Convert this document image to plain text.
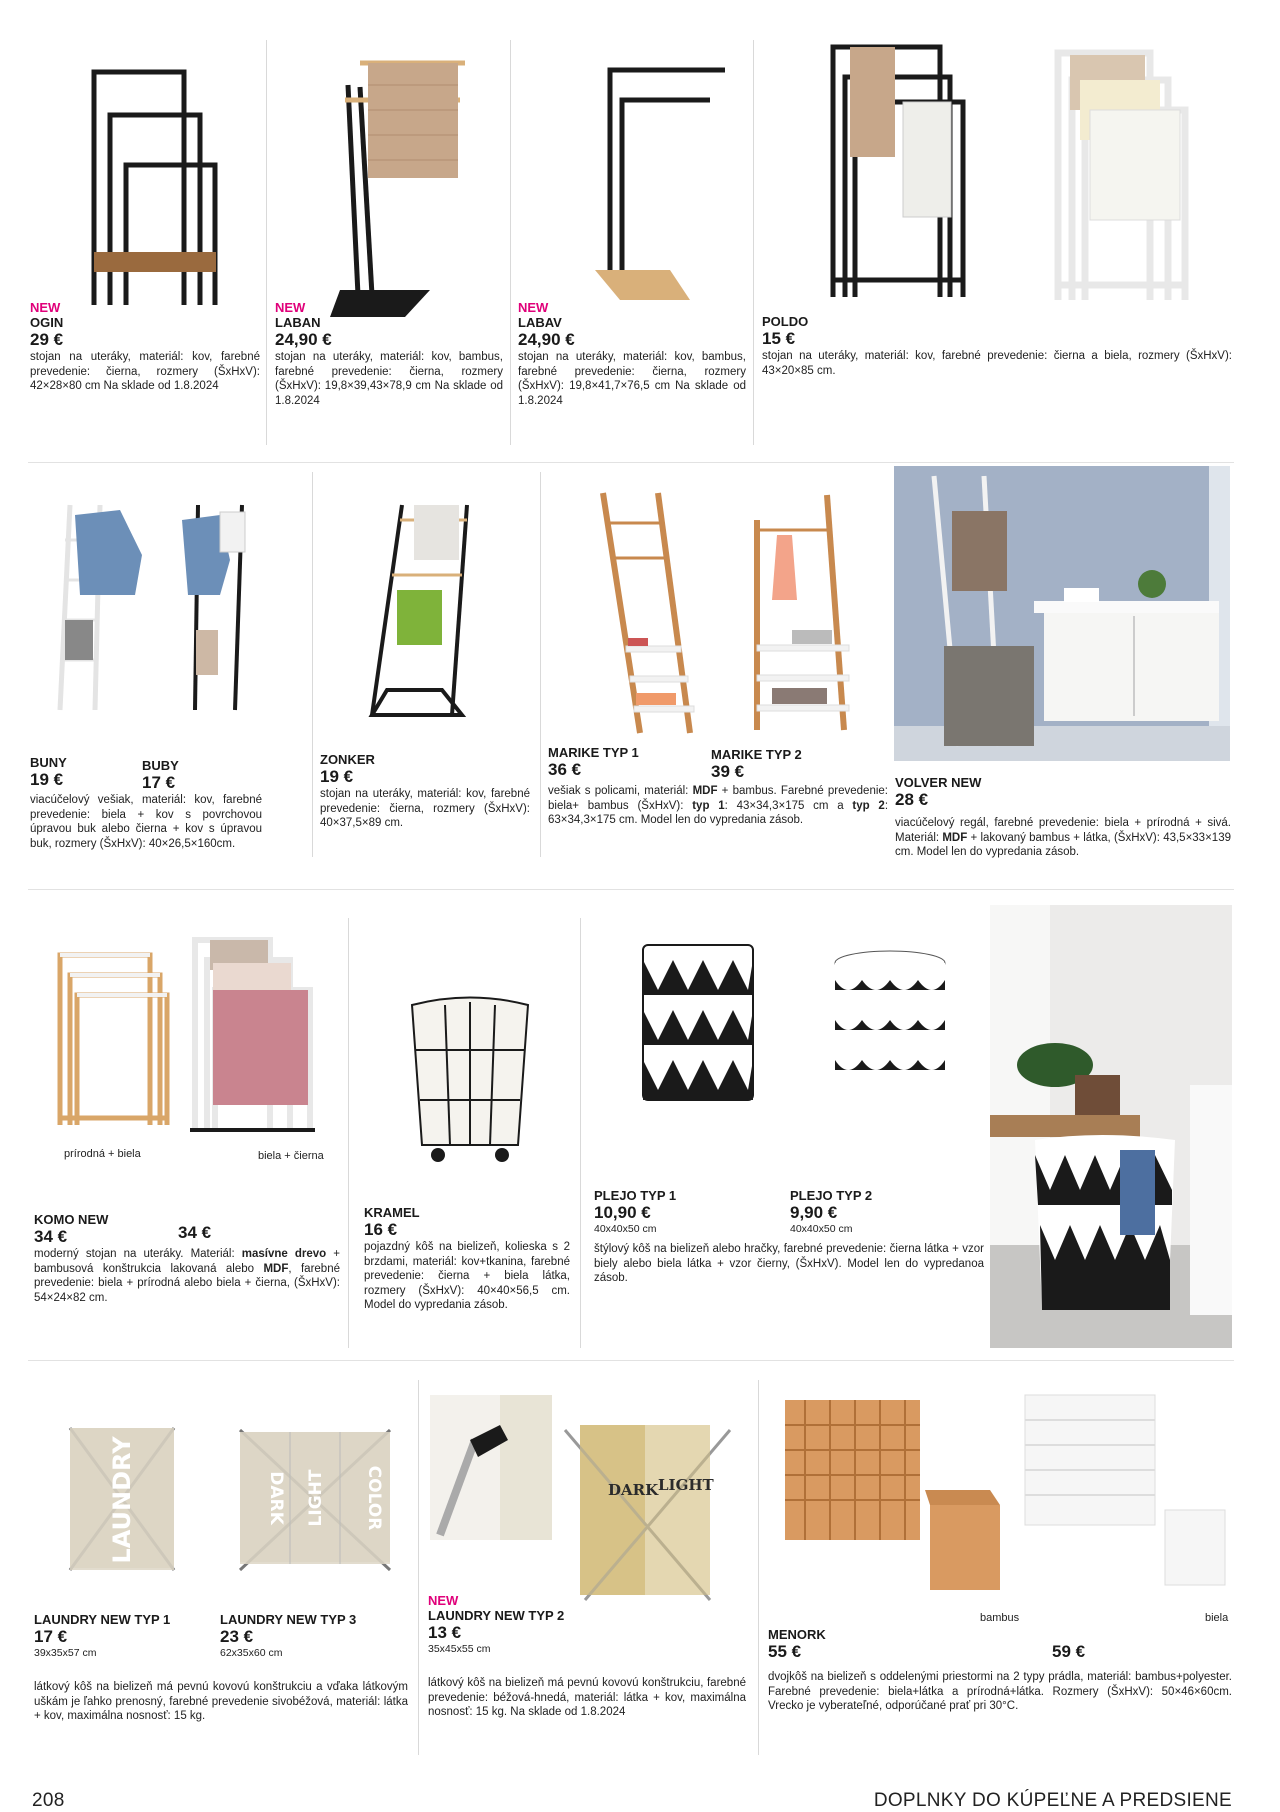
NEW
OGIN
29 €
stojan na uteráky, materiál: kov, farebné prevedenie: čierna, rozmery (ŠxHxV): 42×28×80 cm Na sklade od 1.8.2024
NEW
LABAN
24,90 €
stojan na uteráky, materiál: kov, bambus, farebné prevedenie: čierna, rozmery (ŠxHxV): 19,8×39,43×78,9 cm Na sklade od 1.8.2024
NEW
LABAV
24,90 €
stojan na uteráky, materiál: kov, bambus, farebné prevedenie: čierna, rozmery (ŠxHxV): 19,8×41,7×76,5 cm Na sklade od 1.8.2024
POLDO
15 €
stojan na uteráky, materiál: kov, farebné prevedenie: čierna a biela, rozmery (ŠxHxV): 43×20×85 cm.
BUNY
19 €
BUBY
17 €
viacúčelový vešiak, materiál: kov, farebné prevedenie: biela + kov s povrchovou úpravou buk alebo čierna + kov s úpravou buk, rozmery (ŠxHxV): 40×26,5×160cm.
ZONKER
19 €
stojan na uteráky, materiál: kov, farebné prevedenie: čierna, rozmery (ŠxHxV): 40×37,5×89 cm.
MARIKE TYP 1
36 €
MARIKE TYP 2
39 €
vešiak s policami, materiál: MDF + bambus. Farebné prevedenie: biela+ bambus (ŠxHxV): typ 1: 43×34,3×175 cm a typ 2: 63×34,3×175 cm. Model len do vypredania zásob.
VOLVER NEW
28 €
viacúčelový regál, farebné prevedenie: biela + prírodná + sivá. Materiál: MDF + lakovaný bambus + látka, (ŠxHxV): 43,5×33×139 cm. Model len do vypredania zásob.
prírodná + biela	biela + čierna
KOMO NEW
34 €	34 €
moderný stojan na uteráky. Materiál: masívne drevo + bambusová konštrukcia lakovaná alebo MDF, farebné prevedenie: biela + prírodná alebo biela + čierna, (ŠxHxV): 54×24×82 cm.
KRAMEL
16 €
pojazdný kôš na bielizeň, kolieska s 2 brzdami, materiál: kov+tkanina, farebné prevedenie: čierna + biela látka, rozmery (ŠxHxV): 40×40×56,5 cm. Model do vypredania zásob.
PLEJO TYP 1
10,90 €
40x40x50 cm
PLEJO TYP 2
9,90 €
40x40x50 cm
štýlový kôš na bielizeň alebo hračky, farebné prevedenie: čierna látka + vzor biely alebo biela látka + vzor čierny, (ŠxHxV). Model len do vypredanoa zásob.
LAUNDRY	DARK LIGHT COLOR
LAUNDRY NEW TYP 1
17 €
39x35x57 cm
LAUNDRY NEW TYP 3
23 €
62x35x60 cm
látkový kôš na bielizeň má pevnú kovovú konštrukciu a vďaka látkovým uškám je ľahko prenosný, farebné prevedenie sivobéžová, materiál: látka + kov, maximálna nosnosť: 15 kg.
DARK LIGHT
NEW
LAUNDRY NEW TYP 2
13 €
35x45x55 cm
látkový kôš na bielizeň má pevnú kovovú konštrukciu, farebné prevedenie: béžová-hnedá, materiál: látka + kov, maximálna nosnosť: 15 kg. Na sklade od 1.8.2024
bambus	biela
MENORK
55 €	59 €
dvojkôš na bielizeň s oddelenými priestormi na 2 typy prádla, materiál: bambus+polyester. Farebné prevedenie: biela+látka a prírodná+látka. Rozmery (ŠxHxV): 50×46×60cm. Vrecko je vyberateľné, odporúčané prať pri 30°C.
208	DOPLNKY DO KÚPEĽNE A PREDSIENE
